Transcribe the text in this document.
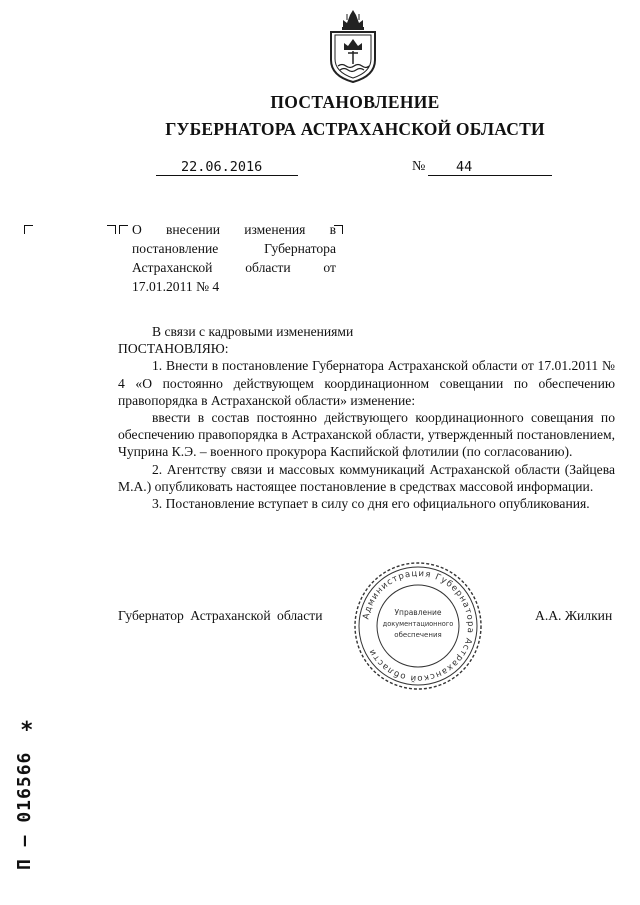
ПОСТАНОВЛЕНИЕ
ГУБЕРНАТОРА АСТРАХАНСКОЙ ОБЛАСТИ
22.06.2016	№ 44
О внесении изменения в постановление Губернатора Астраханской области от 17.01.2011 № 4

В связи с кадровыми изменениями

ПОСТАНОВЛЯЮ:

1. Внести в постановление Губернатора Астраханской области от 17.01.2011 № 4 «О постоянно действующем координационном совещании по обеспечению правопорядка в Астраханской области» изменение:

ввести в состав постоянно действующего координационного совещания по обеспечению правопорядка в Астраханской области, утвержденный постановлением, Чуприна К.Э. – военного прокурора Каспийской флотилии (по согласованию).

2. Агентству связи и массовых коммуникаций Астраханской области (Зайцева М.А.) опубликовать настоящее постановление в средствах массовой информации.

3. Постановление вступает в силу со дня его официального опубликования.

Губернатор Астраханской области	А.А. Жилкин
Администрация Губернатора Астраханской области
Управление
документационного
обеспечения
*
П – 016566
